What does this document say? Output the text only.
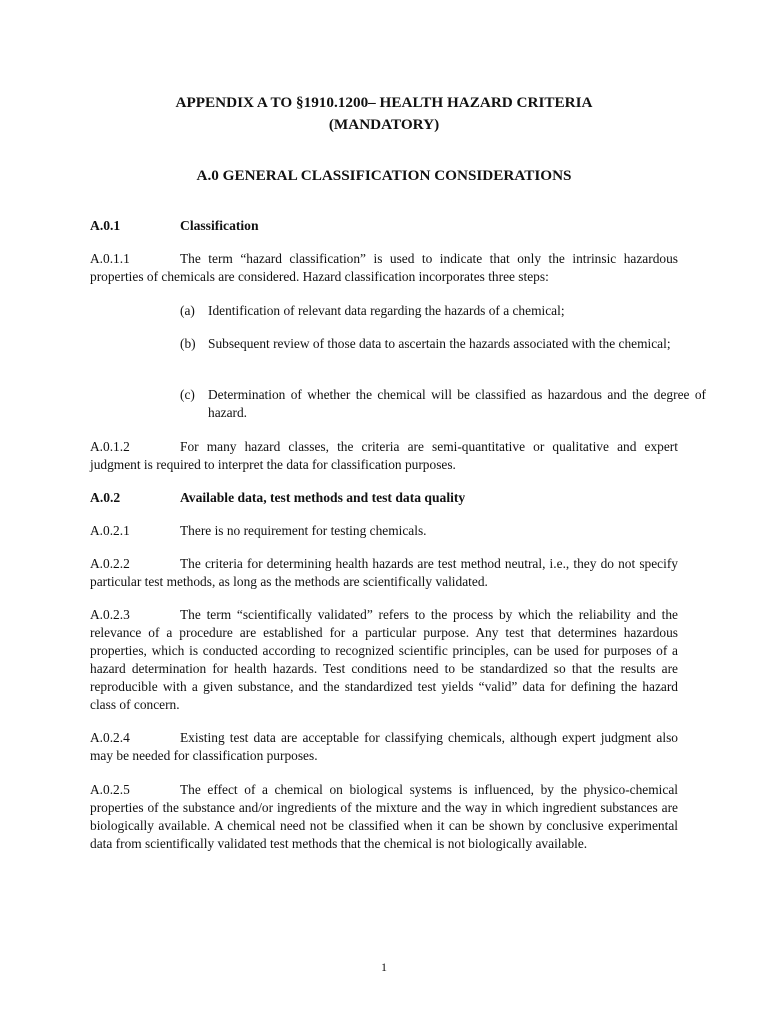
APPENDIX A TO §1910.1200– HEALTH HAZARD CRITERIA
(MANDATORY)
A.0 GENERAL CLASSIFICATION CONSIDERATIONS
A.0.1	Classification
A.0.1.1	The term “hazard classification” is used to indicate that only the intrinsic hazardous properties of chemicals are considered. Hazard classification incorporates three steps:
(a) Identification of relevant data regarding the hazards of a chemical;
(b) Subsequent review of those data to ascertain the hazards associated with the chemical;
(c) Determination of whether the chemical will be classified as hazardous and the degree of hazard.
A.0.1.2	For many hazard classes, the criteria are semi-quantitative or qualitative and expert judgment is required to interpret the data for classification purposes.
A.0.2	Available data, test methods and test data quality
A.0.2.1	There is no requirement for testing chemicals.
A.0.2.2	The criteria for determining health hazards are test method neutral, i.e., they do not specify particular test methods, as long as the methods are scientifically validated.
A.0.2.3	The term “scientifically validated” refers to the process by which the reliability and the relevance of a procedure are established for a particular purpose. Any test that determines hazardous properties, which is conducted according to recognized scientific principles, can be used for purposes of a hazard determination for health hazards. Test conditions need to be standardized so that the results are reproducible with a given substance, and the standardized test yields “valid” data for defining the hazard class of concern.
A.0.2.4	Existing test data are acceptable for classifying chemicals, although expert judgment also may be needed for classification purposes.
A.0.2.5	The effect of a chemical on biological systems is influenced, by the physico-chemical properties of the substance and/or ingredients of the mixture and the way in which ingredient substances are biologically available. A chemical need not be classified when it can be shown by conclusive experimental data from scientifically validated test methods that the chemical is not biologically available.
1
